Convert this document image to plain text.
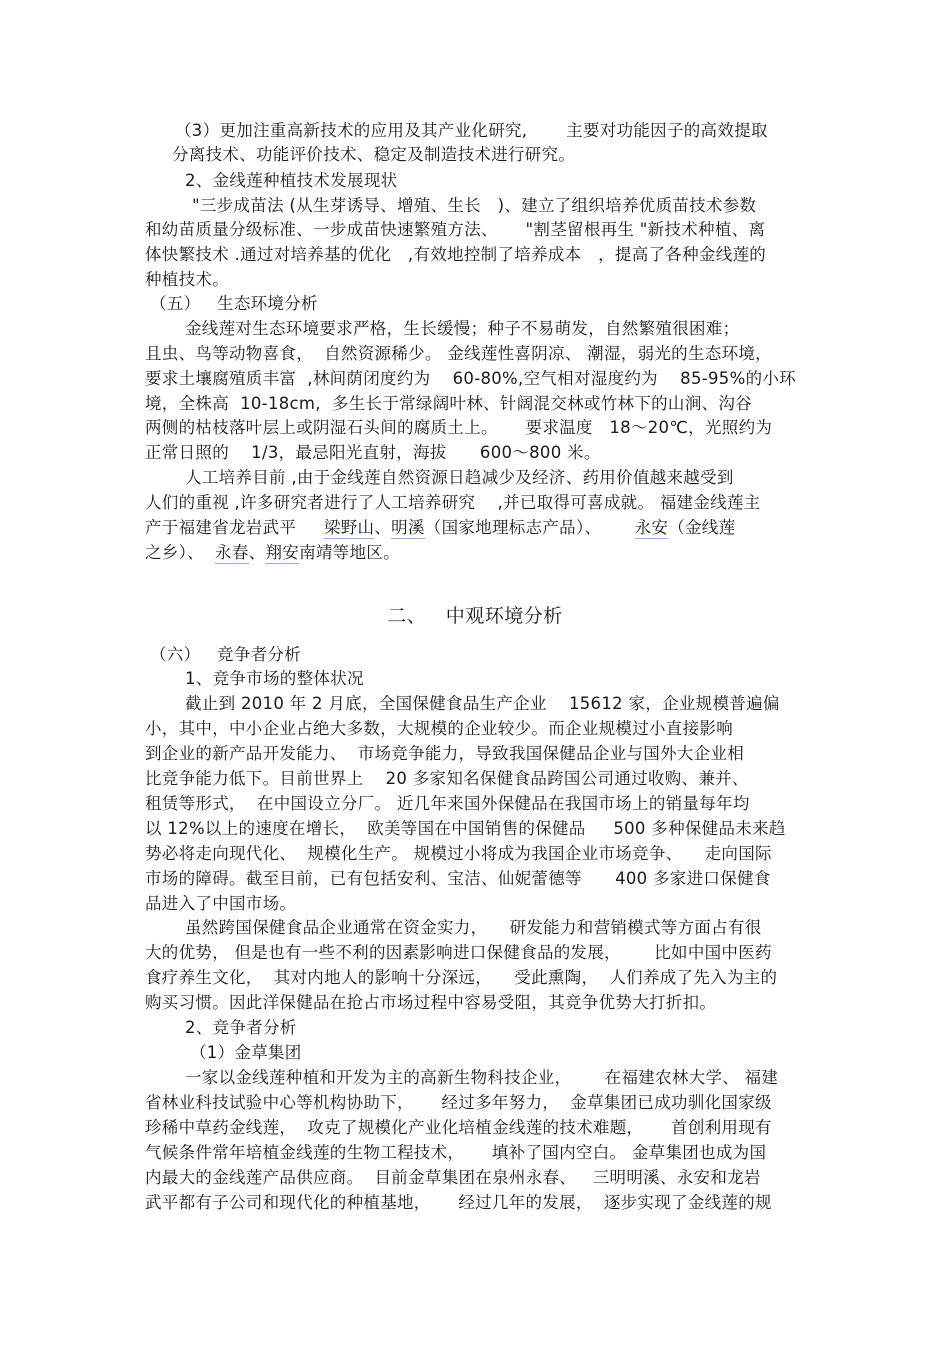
（3）更加注重高新技术的应用及其产业化研究,       主要对功能因子的高效提取
分离技术、功能评价技术、稳定及制造技术进行研究。
2、金线莲种植技术发展现状
"三步成苗法 (从生芽诱导、增殖、生长   )、建立了组织培养优质苗技术参数
和幼苗质量分级标准、一步成苗快速繁殖方法、     "割茎留根再生 "新技术种植、离
体快繁技术 .通过对培养基的优化   ,有效地控制了培养成本   ，提高了各种金线莲的
种植技术。
（五）   生态环境分析
金线莲对生态环境要求严格，生长缓慢；种子不易萌发，自然繁殖很困难；
且虫、鸟等动物喜食，  自然资源稀少。 金线莲性喜阴凉、 潮湿，弱光的生态环境，
要求土壤腐殖质丰富  ,林间荫闭度约为    60-80%,空气相对湿度约为    85-95%的小环
境，全株高  10-18cm,  多生长于常绿阔叶林、针阔混交林或竹林下的山涧、沟谷
两侧的枯枝落叶层上或阴湿石头间的腐质土上。     要求温度   18～20℃，光照约为
正常日照的    1/3，最忌阳光直射，海拔      600～800 米。
人工培养目前 ,由于金线莲自然资源日趋减少及经济、药用价值越来越受到
人们的重视 ,许多研究者进行了人工培养研究    ,并已取得可喜成就。 福建金线莲主
产于福建省龙岩武平     梁野山、明溪（国家地理标志产品）、      永安（金线莲
之乡）、  永春、翔安南靖等地区。
二、   中观环境分析
（六）   竞争者分析
1、竞争市场的整体状况
截止到 2010 年 2 月底，全国保健食品生产企业    15612 家，企业规模普遍偏
小，其中，中小企业占绝大多数，大规模的企业较少。而企业规模过小直接影响
到企业的新产品开发能力、  市场竞争能力，导致我国保健品企业与国外大企业相
比竞争能力低下。目前世界上    20 多家知名保健食品跨国公司通过收购、兼并、
租赁等形式，  在中国设立分厂。 近几年来国外保健品在我国市场上的销量每年均
以 12%以上的速度在增长，  欧美等国在中国销售的保健品     500 多种保健品未来趋
势必将走向现代化、  规模化生产。 规模过小将成为我国企业市场竞争、    走向国际
市场的障碍。截至目前，已有包括安利、宝洁、仙妮蕾德等      400 多家进口保健食
品进入了中国市场。
虽然跨国保健食品企业通常在资金实力，    研发能力和营销模式等方面占有很
大的优势， 但是也有一些不利的因素影响进口保健食品的发展，      比如中国中医药
食疗养生文化，  其对内地人的影响十分深远，    受此熏陶，  人们养成了先入为主的
购买习惯。因此洋保健品在抢占市场过程中容易受阻，其竞争优势大打折扣。
2、竞争者分析
（1）金草集团
一家以金线莲种植和开发为主的高新生物科技企业，      在福建农林大学、 福建
省林业科技试验中心等机构协助下，     经过多年努力，  金草集团已成功驯化国家级
珍稀中草药金线莲，  攻克了规模化产业化培植金线莲的技术难题，     首创利用现有
气候条件常年培植金线莲的生物工程技术，     填补了国内空白。 金草集团也成为国
内最大的金线莲产品供应商。  目前金草集团在泉州永春、   三明明溪、永安和龙岩
武平都有子公司和现代化的种植基地，     经过几年的发展，  逐步实现了金线莲的规
